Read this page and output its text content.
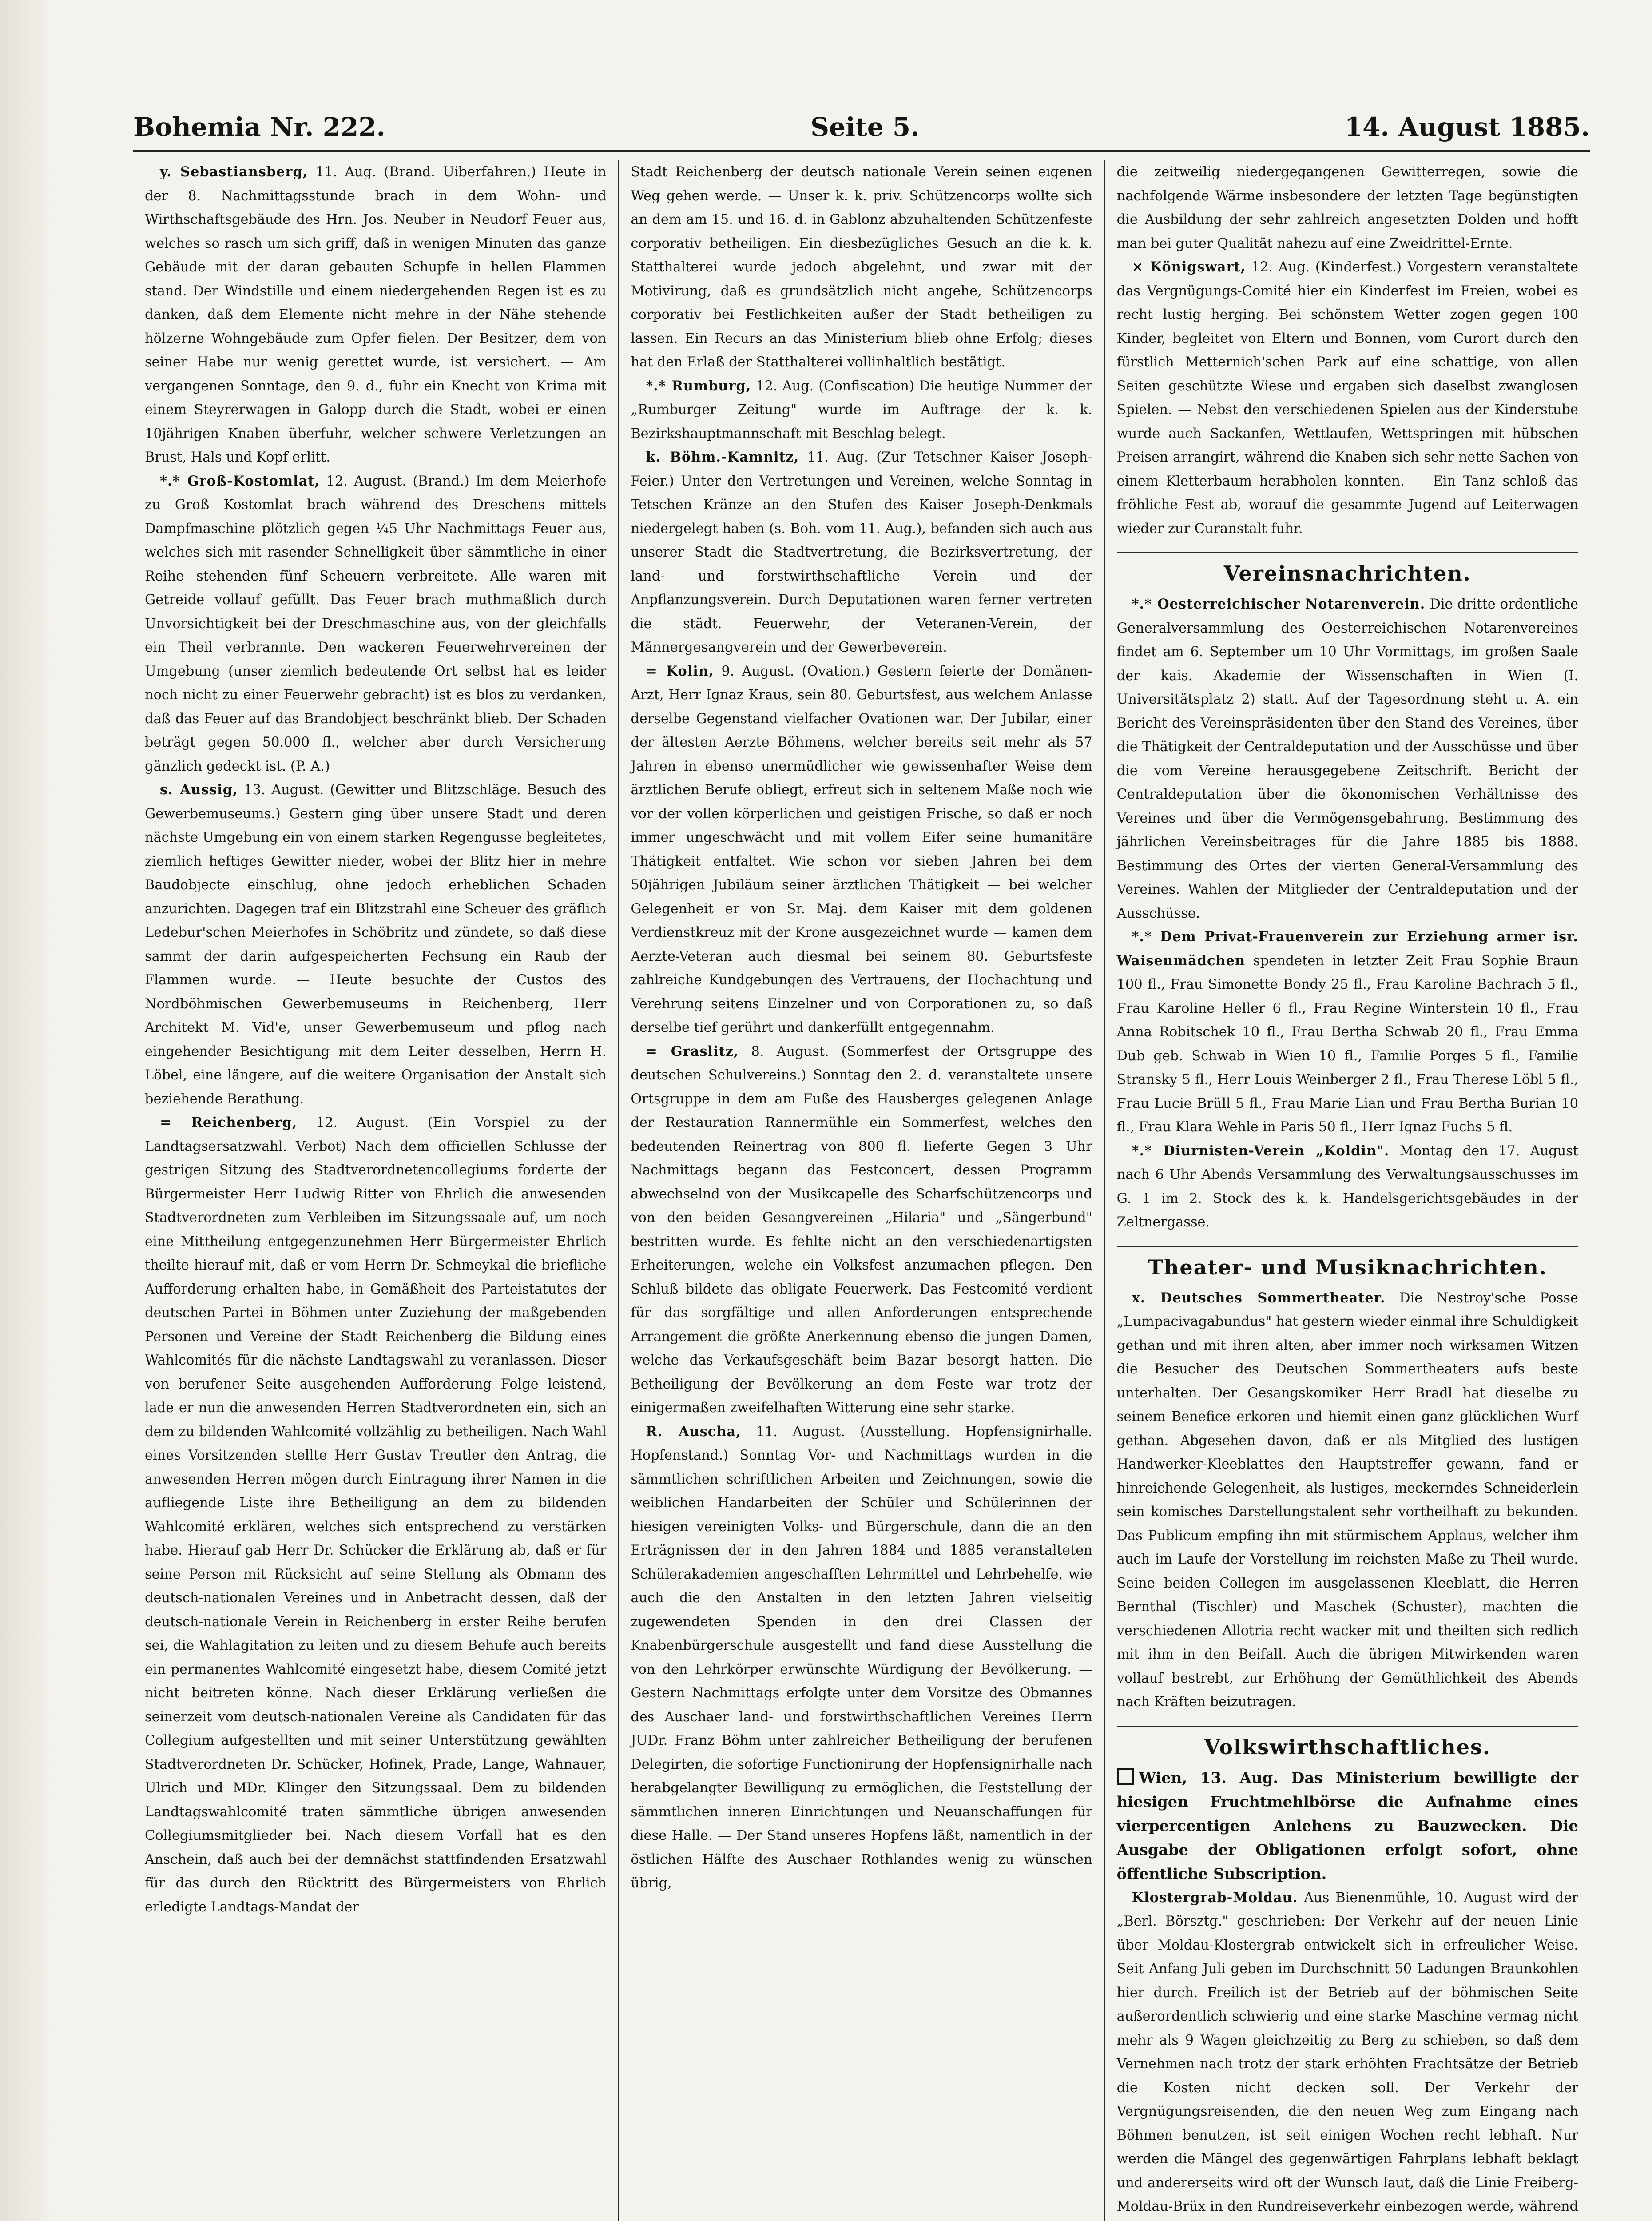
Bohemia Nr. 222.	Seite 5.	14. August 1885.

y. Sebastiansberg, 11. Aug. (Brand. Uiberfahren.) Heute in der 8. Nachmittagsstunde brach in dem Wohn- und Wirthschaftsgebäude des Hrn. Jos. Neuber in Neudorf Feuer aus, welches so rasch um sich griff, daß in wenigen Minuten das ganze Gebäude mit der daran gebauten Schupfe in hellen Flammen stand. Der Windstille und einem niedergehenden Regen ist es zu danken, daß dem Elemente nicht mehre in der Nähe stehende hölzerne Wohngebäude zum Opfer fielen. Der Besitzer, dem von seiner Habe nur wenig gerettet wurde, ist versichert. — Am vergangenen Sonntage, den 9. d., fuhr ein Knecht von Krima mit einem Steyrerwagen in Galopp durch die Stadt, wobei er einen 10jährigen Knaben überfuhr, welcher schwere Verletzungen an Brust, Hals und Kopf erlitt.

*.* Groß-Kostomlat, 12. August. (Brand.) Im dem Meierhofe zu Groß Kostomlat brach während des Dreschens mittels Dampfmaschine plötzlich gegen ¼5 Uhr Nachmittags Feuer aus, welches sich mit rasender Schnelligkeit über sämmtliche in einer Reihe stehenden fünf Scheuern verbreitete. Alle waren mit Getreide vollauf gefüllt. Das Feuer brach muthmaßlich durch Unvorsichtigkeit bei der Dreschmaschine aus, von der gleichfalls ein Theil verbrannte. Den wackeren Feuerwehrvereinen der Umgebung (unser ziemlich bedeutende Ort selbst hat es leider noch nicht zu einer Feuerwehr gebracht) ist es blos zu verdanken, daß das Feuer auf das Brandobject beschränkt blieb. Der Schaden beträgt gegen 50.000 fl., welcher aber durch Versicherung gänzlich gedeckt ist. (P. A.)

s. Aussig, 13. August. (Gewitter und Blitzschläge. Besuch des Gewerbemuseums.) Gestern ging über unsere Stadt und deren nächste Umgebung ein von einem starken Regengusse begleitetes, ziemlich heftiges Gewitter nieder, wobei der Blitz hier in mehre Baudobjecte einschlug, ohne jedoch erheblichen Schaden anzurichten. Dagegen traf ein Blitzstrahl eine Scheuer des gräflich Ledebur'schen Meierhofes in Schöbritz und zündete, so daß diese sammt der darin aufgespeicherten Fechsung ein Raub der Flammen wurde. — Heute besuchte der Custos des Nordböhmischen Gewerbemuseums in Reichenberg, Herr Architekt M. Vid'e, unser Gewerbemuseum und pflog nach eingehender Besichtigung mit dem Leiter desselben, Herrn H. Löbel, eine längere, auf die weitere Organisation der Anstalt sich beziehende Berathung.

= Reichenberg, 12. August. (Ein Vorspiel zu der Landtagsersatzwahl. Verbot) Nach dem officiellen Schlusse der gestrigen Sitzung des Stadtverordnetencollegiums forderte der Bürgermeister Herr Ludwig Ritter von Ehrlich die anwesenden Stadtverordneten zum Verbleiben im Sitzungssaale auf, um noch eine Mittheilung entgegenzunehmen Herr Bürgermeister Ehrlich theilte hierauf mit, daß er vom Herrn Dr. Schmeykal die briefliche Aufforderung erhalten habe, in Gemäßheit des Parteistatutes der deutschen Partei in Böhmen unter Zuziehung der maßgebenden Personen und Vereine der Stadt Reichenberg die Bildung eines Wahlcomités für die nächste Landtagswahl zu veranlassen. Dieser von berufener Seite ausgehenden Aufforderung Folge leistend, lade er nun die anwesenden Herren Stadtverordneten ein, sich an dem zu bildenden Wahlcomité vollzählig zu betheiligen. Nach Wahl eines Vorsitzenden stellte Herr Gustav Treutler den Antrag, die anwesenden Herren mögen durch Eintragung ihrer Namen in die aufliegende Liste ihre Betheiligung an dem zu bildenden Wahlcomité erklären, welches sich entsprechend zu verstärken habe. Hierauf gab Herr Dr. Schücker die Erklärung ab, daß er für seine Person mit Rücksicht auf seine Stellung als Obmann des deutsch-nationalen Vereines und in Anbetracht dessen, daß der deutsch-nationale Verein in Reichenberg in erster Reihe berufen sei, die Wahlagitation zu leiten und zu diesem Behufe auch bereits ein permanentes Wahlcomité eingesetzt habe, diesem Comité jetzt nicht beitreten könne. Nach dieser Erklärung verließen die seinerzeit vom deutsch-nationalen Vereine als Candidaten für das Collegium aufgestellten und mit seiner Unterstützung gewählten Stadtverordneten Dr. Schücker, Hofinek, Prade, Lange, Wahnauer, Ulrich und MDr. Klinger den Sitzungssaal. Dem zu bildenden Landtagswahlcomité traten sämmtliche übrigen anwesenden Collegiumsmitglieder bei. Nach diesem Vorfall hat es den Anschein, daß auch bei der demnächst stattfindenden Ersatzwahl für das durch den Rücktritt des Bürgermeisters von Ehrlich erledigte Landtags-Mandat der

Stadt Reichenberg der deutsch nationale Verein seinen eigenen Weg gehen werde. — Unser k. k. priv. Schützencorps wollte sich an dem am 15. und 16. d. in Gablonz abzuhaltenden Schützenfeste corporativ betheiligen. Ein diesbezügliches Gesuch an die k. k. Statthalterei wurde jedoch abgelehnt, und zwar mit der Motivirung, daß es grundsätzlich nicht angehe, Schützencorps corporativ bei Festlichkeiten außer der Stadt betheiligen zu lassen. Ein Recurs an das Ministerium blieb ohne Erfolg; dieses hat den Erlaß der Statthalterei vollinhaltlich bestätigt.

*.* Rumburg, 12. Aug. (Confiscation) Die heutige Nummer der „Rumburger Zeitung" wurde im Auftrage der k. k. Bezirkshauptmannschaft mit Beschlag belegt.

k. Böhm.-Kamnitz, 11. Aug. (Zur Tetschner Kaiser Joseph-Feier.) Unter den Vertretungen und Vereinen, welche Sonntag in Tetschen Kränze an den Stufen des Kaiser Joseph-Denkmals niedergelegt haben (s. Boh. vom 11. Aug.), befanden sich auch aus unserer Stadt die Stadtvertretung, die Bezirksvertretung, der land- und forstwirthschaftliche Verein und der Anpflanzungsverein. Durch Deputationen waren ferner vertreten die städt. Feuerwehr, der Veteranen-Verein, der Männergesangverein und der Gewerbeverein.

= Kolin, 9. August. (Ovation.) Gestern feierte der Domänen-Arzt, Herr Ignaz Kraus, sein 80. Geburtsfest, aus welchem Anlasse derselbe Gegenstand vielfacher Ovationen war. Der Jubilar, einer der ältesten Aerzte Böhmens, welcher bereits seit mehr als 57 Jahren in ebenso unermüdlicher wie gewissenhafter Weise dem ärztlichen Berufe obliegt, erfreut sich in seltenem Maße noch wie vor der vollen körperlichen und geistigen Frische, so daß er noch immer ungeschwächt und mit vollem Eifer seine humanitäre Thätigkeit entfaltet. Wie schon vor sieben Jahren bei dem 50jährigen Jubiläum seiner ärztlichen Thätigkeit — bei welcher Gelegenheit er von Sr. Maj. dem Kaiser mit dem goldenen Verdienstkreuz mit der Krone ausgezeichnet wurde — kamen dem Aerzte-Veteran auch diesmal bei seinem 80. Geburtsfeste zahlreiche Kundgebungen des Vertrauens, der Hochachtung und Verehrung seitens Einzelner und von Corporationen zu, so daß derselbe tief gerührt und dankerfüllt entgegennahm.

= Graslitz, 8. August. (Sommerfest der Ortsgruppe des deutschen Schulvereins.) Sonntag den 2. d. veranstaltete unsere Ortsgruppe in dem am Fuße des Hausberges gelegenen Anlage der Restauration Rannermühle ein Sommerfest, welches den bedeutenden Reinertrag von 800 fl. lieferte Gegen 3 Uhr Nachmittags begann das Festconcert, dessen Programm abwechselnd von der Musikcapelle des Scharfschützencorps und von den beiden Gesangvereinen „Hilaria" und „Sängerbund" bestritten wurde. Es fehlte nicht an den verschiedenartigsten Erheiterungen, welche ein Volksfest anzumachen pflegen. Den Schluß bildete das obligate Feuerwerk. Das Festcomité verdient für das sorgfältige und allen Anforderungen entsprechende Arrangement die größte Anerkennung ebenso die jungen Damen, welche das Verkaufsgeschäft beim Bazar besorgt hatten. Die Betheiligung der Bevölkerung an dem Feste war trotz der einigermaßen zweifelhaften Witterung eine sehr starke.

R. Auscha, 11. August. (Ausstellung. Hopfensignirhalle. Hopfenstand.) Sonntag Vor- und Nachmittags wurden in die sämmtlichen schriftlichen Arbeiten und Zeichnungen, sowie die weiblichen Handarbeiten der Schüler und Schülerinnen der hiesigen vereinigten Volks- und Bürgerschule, dann die an den Erträgnissen der in den Jahren 1884 und 1885 veranstalteten Schülerakademien angeschafften Lehrmittel und Lehrbehelfe, wie auch die den Anstalten in den letzten Jahren vielseitig zugewendeten Spenden in den drei Classen der Knabenbürgerschule ausgestellt und fand diese Ausstellung die von den Lehrkörper erwünschte Würdigung der Bevölkerung. — Gestern Nachmittags erfolgte unter dem Vorsitze des Obmannes des Auschaer land- und forstwirthschaftlichen Vereines Herrn JUDr. Franz Böhm unter zahlreicher Betheiligung der berufenen Delegirten, die sofortige Functionirung der Hopfensignirhalle nach herabgelangter Bewilligung zu ermöglichen, die Feststellung der sämmtlichen inneren Einrichtungen und Neuanschaffungen für diese Halle. — Der Stand unseres Hopfens läßt, namentlich in der östlichen Hälfte des Auschaer Rothlandes wenig zu wünschen übrig,

die zeitweilig niedergegangenen Gewitterregen, sowie die nachfolgende Wärme insbesondere der letzten Tage begünstigten die Ausbildung der sehr zahlreich angesetzten Dolden und hofft man bei guter Qualität nahezu auf eine Zweidrittel-Ernte.

× Königswart, 12. Aug. (Kinderfest.) Vorgestern veranstaltete das Vergnügungs-Comité hier ein Kinderfest im Freien, wobei es recht lustig herging. Bei schönstem Wetter zogen gegen 100 Kinder, begleitet von Eltern und Bonnen, vom Curort durch den fürstlich Metternich'schen Park auf eine schattige, von allen Seiten geschützte Wiese und ergaben sich daselbst zwanglosen Spielen. — Nebst den verschiedenen Spielen aus der Kinderstube wurde auch Sackanfen, Wettlaufen, Wettspringen mit hübschen Preisen arrangirt, während die Knaben sich sehr nette Sachen von einem Kletterbaum herabholen konnten. — Ein Tanz schloß das fröhliche Fest ab, worauf die gesammte Jugend auf Leiterwagen wieder zur Curanstalt fuhr.

Vereinsnachrichten.

*.* Oesterreichischer Notarenverein. Die dritte ordentliche Generalversammlung des Oesterreichischen Notarenvereines findet am 6. September um 10 Uhr Vormittags, im großen Saale der kais. Akademie der Wissenschaften in Wien (I. Universitätsplatz 2) statt. Auf der Tagesordnung steht u. A. ein Bericht des Vereinspräsidenten über den Stand des Vereines, über die Thätigkeit der Centraldeputation und der Ausschüsse und über die vom Vereine herausgegebene Zeitschrift. Bericht der Centraldeputation über die ökonomischen Verhältnisse des Vereines und über die Vermögensgebahrung. Bestimmung des jährlichen Vereinsbeitrages für die Jahre 1885 bis 1888. Bestimmung des Ortes der vierten General-Versammlung des Vereines. Wahlen der Mitglieder der Centraldeputation und der Ausschüsse.

*.* Dem Privat-Frauenverein zur Erziehung armer isr. Waisenmädchen spendeten in letzter Zeit Frau Sophie Braun 100 fl., Frau Simonette Bondy 25 fl., Frau Karoline Bachrach 5 fl., Frau Karoline Heller 6 fl., Frau Regine Winterstein 10 fl., Frau Anna Robitschek 10 fl., Frau Bertha Schwab 20 fl., Frau Emma Dub geb. Schwab in Wien 10 fl., Familie Porges 5 fl., Familie Stransky 5 fl., Herr Louis Weinberger 2 fl., Frau Therese Löbl 5 fl., Frau Lucie Brüll 5 fl., Frau Marie Lian und Frau Bertha Burian 10 fl., Frau Klara Wehle in Paris 50 fl., Herr Ignaz Fuchs 5 fl.

*.* Diurnisten-Verein „Koldin". Montag den 17. August nach 6 Uhr Abends Versammlung des Verwaltungsausschusses im G. 1 im 2. Stock des k. k. Handelsgerichtsgebäudes in der Zeltnergasse.

Theater- und Musiknachrichten.

x. Deutsches Sommertheater. Die Nestroy'sche Posse „Lumpacivagabundus" hat gestern wieder einmal ihre Schuldigkeit gethan und mit ihren alten, aber immer noch wirksamen Witzen die Besucher des Deutschen Sommertheaters aufs beste unterhalten. Der Gesangskomiker Herr Bradl hat dieselbe zu seinem Benefice erkoren und hiemit einen ganz glücklichen Wurf gethan. Abgesehen davon, daß er als Mitglied des lustigen Handwerker-Kleeblattes den Hauptstreffer gewann, fand er hinreichende Gelegenheit, als lustiges, meckerndes Schneiderlein sein komisches Darstellungstalent sehr vortheilhaft zu bekunden. Das Publicum empfing ihn mit stürmischem Applaus, welcher ihm auch im Laufe der Vorstellung im reichsten Maße zu Theil wurde. Seine beiden Collegen im ausgelassenen Kleeblatt, die Herren Bernthal (Tischler) und Maschek (Schuster), machten die verschiedenen Allotria recht wacker mit und theilten sich redlich mit ihm in den Beifall. Auch die übrigen Mitwirkenden waren vollauf bestrebt, zur Erhöhung der Gemüthlichkeit des Abends nach Kräften beizutragen.

Volkswirthschaftliches.

Wien, 13. Aug. Das Ministerium bewilligte der hiesigen Fruchtmehlbörse die Aufnahme eines vierpercentigen Anlehens zu Bauzwecken. Die Ausgabe der Obligationen erfolgt sofort, ohne öffentliche Subscription.

Klostergrab-Moldau. Aus Bienenmühle, 10. August wird der „Berl. Börsztg." geschrieben: Der Verkehr auf der neuen Linie über Moldau-Klostergrab entwickelt sich in erfreulicher Weise. Seit Anfang Juli geben im Durchschnitt 50 Ladungen Braunkohlen hier durch. Freilich ist der Betrieb auf der böhmischen Seite außerordentlich schwierig und eine starke Maschine vermag nicht mehr als 9 Wagen gleichzeitig zu Berg zu schieben, so daß dem Vernehmen nach trotz der stark erhöhten Frachtsätze der Betrieb die Kosten nicht decken soll. Der Verkehr der Vergnügungsreisenden, die den neuen Weg zum Eingang nach Böhmen benutzen, ist seit einigen Wochen recht lebhaft. Nur werden die Mängel des gegenwärtigen Fahrplans lebhaft beklagt und andererseits wird oft der Wunsch laut, daß die Linie Freiberg-Moldau-Brüx in den Rundreiseverkehr einbezogen werde, während
